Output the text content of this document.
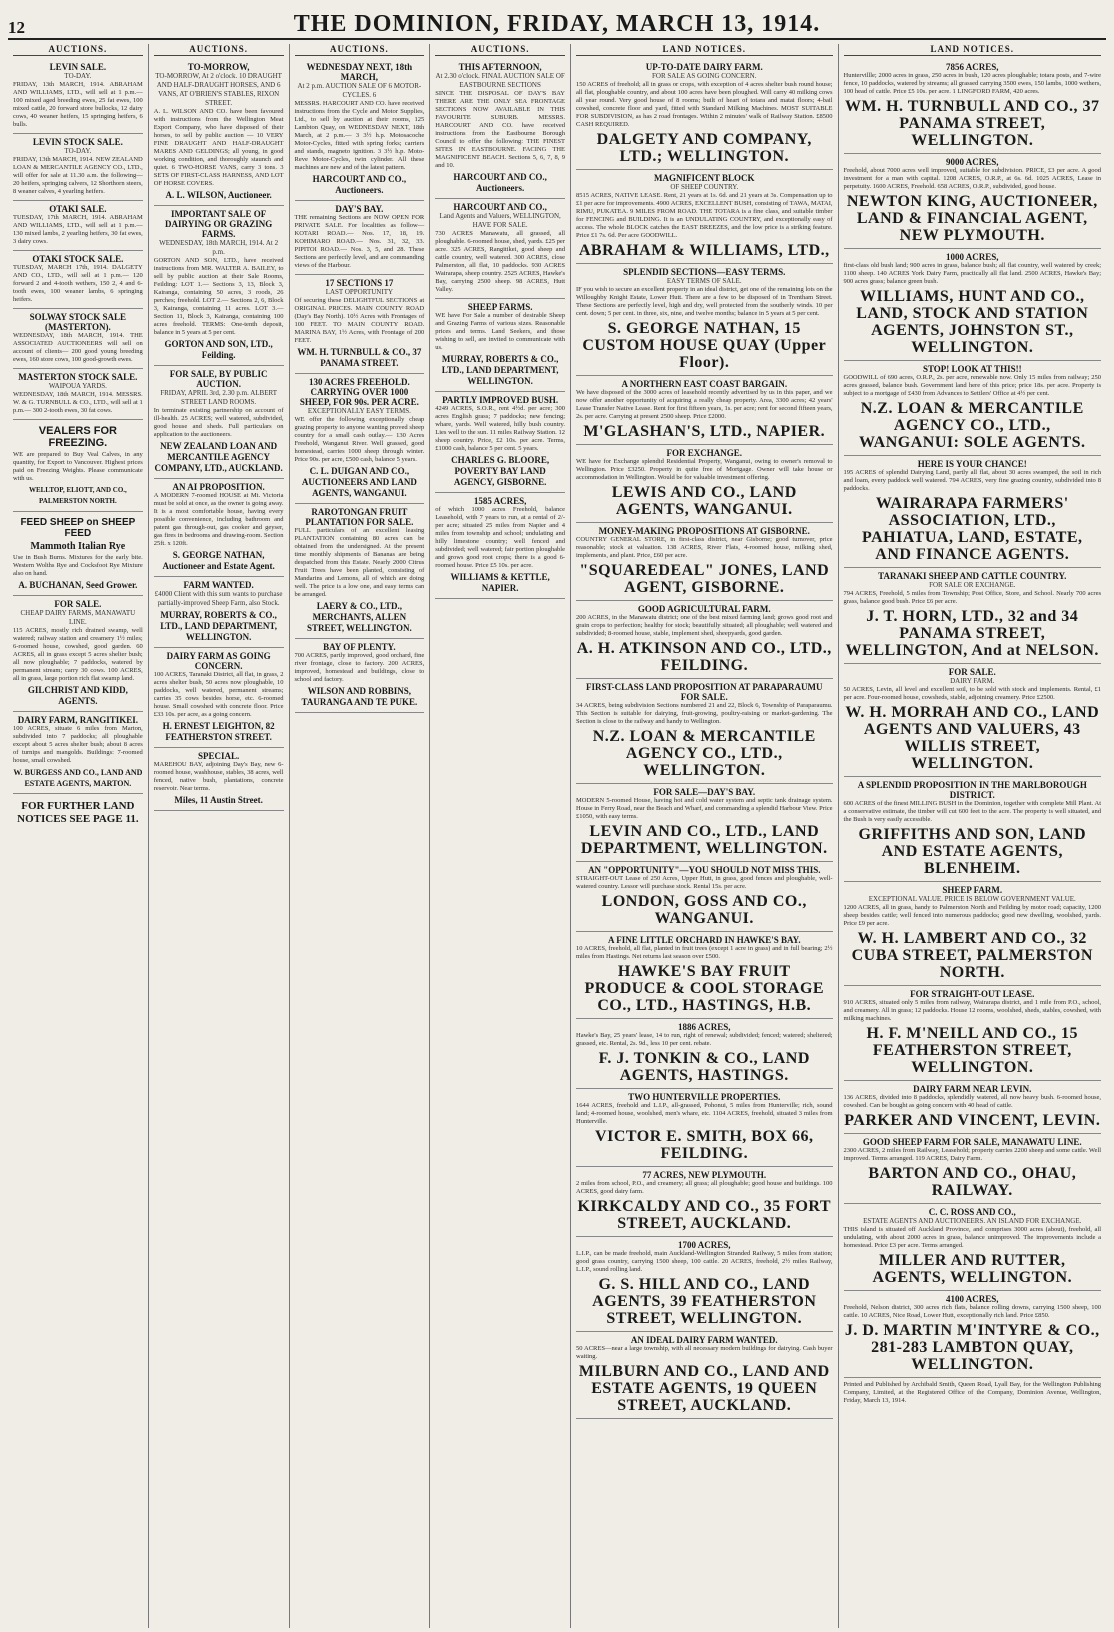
12	THE DOMINION, FRIDAY, MARCH 13, 1914.
AUCTIONS.
LEVIN SALE.
TO-DAY.
FRIDAY, 13th MARCH, 1914. ABRAHAM AND WILLIAMS, LTD., will sell at 1 p.m.— 100 mixed aged breeding ewes, 25 fat ewes, 100 mixed cattle, 20 forward store bullocks, 12 dairy cows, 40 weaner heifers, 15 springing heifers, 6 bulls.
LEVIN STOCK SALE.
TO-DAY.
FRIDAY, 13th MARCH, 1914. NEW ZEALAND LOAN & MERCANTILE AGENCY CO., LTD., will offer for sale at 11.30 a.m. the following— 20 heifers, springing calvers, 12 Shorthorn steers, 8 weaner calves, 4 yearling heifers.
OTAKI SALE.
TUESDAY, 17th MARCH, 1914. ABRAHAM AND WILLIAMS, LTD., will sell at 1 p.m.— 130 mixed lambs, 2 yearling heifers, 30 fat ewes, 3 dairy cows.
OTAKI STOCK SALE.
TUESDAY, MARCH 17th, 1914. DALGETY AND CO., LTD., will sell at 1 p.m.— 120 forward 2 and 4-tooth wethers, 150 2, 4 and 6-tooth ewes, 100 weaner lambs, 6 springing heifers.
SOLWAY STOCK SALE (MASTERTON).
WEDNESDAY, 18th MARCH, 1914. THE ASSOCIATED AUCTIONEERS will sell on account of clients— 200 good young breeding ewes, 160 store cows, 100 good-growth ewes.
MASTERTON STOCK SALE.
WAIPOUA YARDS.
WEDNESDAY, 18th MARCH, 1914. MESSRS. W. & G. TURNBULL & CO., LTD., will sell at 1 p.m.— 300 2-tooth ewes, 30 fat cows.
VEALERS FOR FREEZING.
WE are prepared to Buy Veal Calves, in any quantity, for Export to Vancouver. Highest prices paid on Freezing Weights. Please communicate with us.
WELLTOP, ELIOTT, AND CO., PALMERSTON NORTH.
FEED SHEEP on SHEEP FEED
Mammoth Italian Rye
Use in Bush Burns. Mixtures for the early bite. Western Wolths Rye and Cocksfoot Rye Mixture also on hand.
A. BUCHANAN, Seed Grower.
FOR SALE.
CHEAP DAIRY FARMS, MANAWATU LINE.
115 ACRES, mostly rich drained swamp, well watered; railway station and creamery 1½ miles; 6-roomed house, cowshed, good garden. 60 ACRES, all in grass except 5 acres shelter bush; all now ploughable; 7 paddocks, watered by permanent stream; carry 30 cows. 100 ACRES, all in grass, large portion rich flat swamp land.
GILCHRIST AND KIDD, AGENTS.
DAIRY FARM, RANGITIKEI.
100 ACRES, situate 6 miles from Marton, subdivided into 7 paddocks; all ploughable except about 5 acres shelter bush; about 8 acres of turnips and mangolds. Buildings: 7-roomed house, small cowshed.
W. BURGESS AND CO., LAND AND ESTATE AGENTS, MARTON.
FOR FURTHER LAND NOTICES SEE PAGE 11.
AUCTIONS.
TO-MORROW,
TO-MORROW, At 2 o'clock. 10 DRAUGHT AND HALF-DRAUGHT HORSES, AND 6 VANS, AT O'BRIEN'S STABLES, RIXON STREET.
A. L. WILSON AND CO. have been favoured with instructions from the Wellington Meat Export Company, who have disposed of their horses, to sell by public auction — 10 VERY FINE DRAUGHT AND HALF-DRAUGHT MARES AND GELDINGS; all young, in good working condition, and thoroughly staunch and quiet. 6 TWO-HORSE VANS, carry 3 tons. 3 SETS OF FIRST-CLASS HARNESS, AND LOT OF HORSE COVERS.
A. L. WILSON, Auctioneer.
IMPORTANT SALE OF DAIRYING OR GRAZING FARMS.
WEDNESDAY, 18th MARCH, 1914. At 2 p.m.
GORTON AND SON, LTD., have received instructions from MR. WALTER A. BAILEY, to sell by public auction at their Sale Rooms, Feilding: LOT 1.— Sections 3, 13, Block 3, Kairanga, containing 50 acres, 3 roods, 26 perches; freehold. LOT 2.— Sections 2, 6, Block 3, Kairanga, containing 11 acres. LOT 3.— Section 11, Block 3, Kairanga, containing 100 acres freehold. TERMS: One-tenth deposit, balance in 5 years at 5 per cent.
GORTON AND SON, LTD., Feilding.
FOR SALE, BY PUBLIC AUCTION.
FRIDAY, APRIL 3rd, 2.30 p.m. ALBERT STREET LAND ROOMS.
In terminate existing partnership on account of ill-health. 25 ACRES; well watered, subdivided, good house and sheds. Full particulars on application to the auctioneers.
NEW ZEALAND LOAN AND MERCANTILE AGENCY COMPANY, LTD., AUCKLAND.
AN AI PROPOSITION.
A MODERN 7-roomed HOUSE at Mt. Victoria must be sold at once, as the owner is going away. It is a most comfortable house, having every possible convenience, including bathroom and patent gas through-out, gas cooker and geyser, gas fires in bedrooms and drawing-room. Section 25ft. x 120ft.
S. GEORGE NATHAN, Auctioneer and Estate Agent.
FARM WANTED.
£4000 Client with this sum wants to purchase partially-improved Sheep Farm, also Stock.
MURRAY, ROBERTS & CO., LTD., LAND DEPARTMENT, WELLINGTON.
DAIRY FARM AS GOING CONCERN.
100 ACRES, Taranaki District, all flat, in grass, 2 acres shelter bush, 50 acres now ploughable, 10 paddocks, well watered, permanent streams; carries 35 cows besides horse, etc. 6-roomed house. Small cowshed with concrete floor. Price £33 10s. per acre, as a going concern.
H. ERNEST LEIGHTON, 82 FEATHERSTON STREET.
SPECIAL.
MAREHOU BAY, adjoining Day's Bay, new 6-roomed house, washhouse, stables, 38 acres, well fenced, native bush, plantations, concrete reservoir. Near terms.
Miles, 11 Austin Street.
AUCTIONS.
WEDNESDAY NEXT, 18th MARCH,
At 2 p.m. AUCTION SALE OF 6 MOTOR-CYCLES. 6
MESSRS. HARCOURT AND CO. have received instructions from the Cycle and Motor Supplies, Ltd., to sell by auction at their rooms, 125 Lambton Quay, on WEDNESDAY NEXT, 18th March, at 2 p.m.— 3 3½ h.p. Motosacoche Motor-Cycles, fitted with spring forks; carriers and stands, magneto ignition. 3 3½ h.p. Moto-Reve Motor-Cycles, twin cylinder. All these machines are new and of the latest pattern.
HARCOURT AND CO., Auctioneers.
DAY'S BAY.
THE remaining Sections are NOW OPEN FOR PRIVATE SALE. For localities as follow— KOTARI ROAD.— Nos. 17, 18, 19. KOHIMARO ROAD.— Nos. 31, 32, 33. PIPITOI ROAD.— Nos. 3, 5, and 28. These Sections are perfectly level, and are commanding views of the Harbour.
17 SECTIONS 17
LAST OPPORTUNITY
Of securing these DELIGHTFUL SECTIONS at ORIGINAL PRICES. MAIN COUNTY ROAD (Day's Bay North). 10½ Acres with Frontages of 100 FEET. TO MAIN COUNTY ROAD. MARINA BAY, 1½ Acres, with Frontage of 200 FEET.
WM. H. TURNBULL & CO., 37 PANAMA STREET.
130 ACRES FREEHOLD. CARRYING OVER 1000 SHEEP, FOR 90s. PER ACRE.
EXCEPTIONALLY EASY TERMS.
WE offer the following exceptionally cheap grazing property to anyone wanting proved sheep country for a small cash outlay.— 130 Acres Freehold, Wanganui River. Well grassed, good homestead, carries 1000 sheep through winter. Price 90s. per acre, £500 cash, balance 5 years.
C. L. DUIGAN AND CO., AUCTIONEERS AND LAND AGENTS, WANGANUI.
RAROTONGAN FRUIT PLANTATION FOR SALE.
FULL particulars of an excellent leasing PLANTATION containing 80 acres can be obtained from the undersigned. At the present time monthly shipments of Bananas are being despatched from this Estate. Nearly 2000 Citrus Fruit Trees have been planted, consisting of Mandarins and Lemons, all of which are doing well. The price is a low one, and easy terms can be arranged.
LAERY & CO., LTD., MERCHANTS, ALLEN STREET, WELLINGTON.
BAY OF PLENTY.
700 ACRES, partly improved, good orchard, fine river frontage, close to factory. 200 ACRES, improved, homestead and buildings, close to school and factory.
WILSON AND ROBBINS, TAURANGA AND TE PUKE.
AUCTIONS.
THIS AFTERNOON,
At 2.30 o'clock. FINAL AUCTION SALE OF EASTBOURNE SECTIONS
SINCE THE DISPOSAL OF DAY'S BAY THERE ARE THE ONLY SEA FRONTAGE SECTIONS NOW AVAILABLE IN THIS FAVOURITE SUBURB. MESSRS. HARCOURT AND CO. have received instructions from the Eastbourne Borough Council to offer the following: THE FINEST SITES IN EASTBOURNE. FACING THE MAGNIFICENT BEACH. Sections 5, 6, 7, 8, 9 and 10.
HARCOURT AND CO., Auctioneers.
HARCOURT AND CO.,
Land Agents and Valuers, WELLINGTON, HAVE FOR SALE.
730 ACRES Manawatu, all grassed, all ploughable. 6-roomed house, shed, yards. £25 per acre. 325 ACRES, Rangitikei, good sheep and cattle country, well watered. 300 ACRES, close Palmerston, all flat, 10 paddocks. 930 ACRES Wairarapa, sheep country. 2525 ACRES, Hawke's Bay, carrying 2500 sheep. 98 ACRES, Hutt Valley.
SHEEP FARMS.
WE have For Sale a number of desirable Sheep and Grazing Farms of various sizes. Reasonable prices and terms. Land Seekers, and those wishing to sell, are invited to communicate with us.
MURRAY, ROBERTS & CO., LTD., LAND DEPARTMENT, WELLINGTON.
PARTLY IMPROVED BUSH.
4249 ACRES, S.O.R., rent 4½d. per acre; 300 acres English grass; 7 paddocks; new fencing; whare, yards. Well watered, hilly bush country. Lies well to the sun. 11 miles Railway Station. 12 sheep country. Price, £2 10s. per acre. Terms, £1000 cash, balance 5 per cent. 5 years.
CHARLES G. BLOORE, POVERTY BAY LAND AGENCY, GISBORNE.
1585 ACRES,
of which 1000 acres Freehold, balance Leasehold, with 7 years to run, at a rental of 2/- per acre; situated 25 miles from Napier and 4 miles from township and school; undulating and hilly limestone country; well fenced and subdivided; well watered; fair portion ploughable and grows good root crops; there is a good 6-roomed house. Price £5 10s. per acre.
WILLIAMS & KETTLE, NAPIER.
LAND NOTICES.
UP-TO-DATE DAIRY FARM.
FOR SALE AS GOING CONCERN.
150 ACRES of freehold; all in grass or crops, with exception of 4 acres shelter bush round house; all flat, ploughable country, and about 100 acres have been ploughed. Will carry 40 milking cows all year round. Very good house of 8 rooms; built of heart of totara and matai floors; 4-bail cowshed, concrete floor and yard, fitted with Standard Milking Machines. MOST SUITABLE FOR SUBDIVISION, as has 2 road frontages. Within 2 minutes' walk of Railway Station. £8500 CASH REQUIRED.
DALGETY AND COMPANY, LTD.; WELLINGTON.
MAGNIFICENT BLOCK
OF SHEEP COUNTRY.
8515 ACRES, NATIVE LEASE. Rent, 21 years at 1s. 6d. and 21 years at 3s. Compensation up to £1 per acre for improvements. 4900 ACRES, EXCELLENT BUSH, consisting of TAWA, MATAI, RIMU, PUKATEA. 9 MILES FROM ROAD. THE TOTARA is a fine class, and suitable timber for FENCING and BUILDING. It is an UNDULATING COUNTRY, and exceptionally easy of access. The whole BLOCK catches the EAST BREEZES, and the low price is a striking feature. Price £1 7s. 6d. Per acre GOODWILL.
ABRAHAM & WILLIAMS, LTD.,
SPLENDID SECTIONS—EASY TERMS.
EASY TERMS OF SALE.
IF you wish to secure an excellent property in an ideal district, get one of the remaining lots on the Willoughby Knight Estate, Lower Hutt. There are a few to be disposed of in Trentham Street. These Sections are perfectly level, high and dry, well protected from the southerly winds. 10 per cent. down; 5 per cent. in three, six, nine, and twelve months; balance in 5 years at 5 per cent.
S. GEORGE NATHAN, 15 CUSTOM HOUSE QUAY (Upper Floor).
A NORTHERN EAST COAST BARGAIN.
We have disposed of the 3000 acres of leasehold recently advertised by us in this paper, and we now offer another opportunity of acquiring a really cheap property. Area, 3300 acres; 42 years' Lease Transfer Native Lease. Rent for first fifteen years, 1s. per acre; rent for second fifteen years, 2s. per acre. Carrying at present 2500 sheep. Price £2000.
M'GLASHAN'S, LTD., NAPIER.
FOR EXCHANGE.
WE have for Exchange splendid Residential Property, Wanganui, owing to owner's removal to Wellington. Price £3250. Property in quite free of Mortgage. Owner will take house or accommodation in Wellington. Would be for valuable investment offering.
LEWIS AND CO., LAND AGENTS, WANGANUI.
MONEY-MAKING PROPOSITIONS AT GISBORNE.
COUNTRY GENERAL STORE, in first-class district, near Gisborne; good turnover, price reasonable; stock at valuation. 138 ACRES, River Flats, 4-roomed house, milking shed, implements, and plant. Price, £60 per acre.
"SQUAREDEAL" JONES, LAND AGENT, GISBORNE.
GOOD AGRICULTURAL FARM.
200 ACRES, in the Manawatu district; one of the best mixed farming land; grows good root and grain crops to perfection; healthy for stock; beautifully situated; all ploughable; well watered and subdivided; 8-roomed house, stable, implement shed, sheepyards, good garden.
A. H. ATKINSON AND CO., LTD., FEILDING.
FIRST-CLASS LAND PROPOSITION AT PARAPARAUMU FOR SALE.
34 ACRES, being subdivision Sections numbered 21 and 22, Block 6, Township of Paraparaumu. This Section is suitable for dairying, fruit-growing, poultry-raising or market-gardening. The Section is close to the railway and handy to Wellington.
N.Z. LOAN & MERCANTILE AGENCY CO., LTD., WELLINGTON.
FOR SALE—DAY'S BAY.
MODERN 5-roomed House, having hot and cold water system and septic tank drainage system. House in Ferry Road, near the Beach and Wharf, and commanding a splendid Harbour View. Price £1050, with easy terms.
LEVIN AND CO., LTD., LAND DEPARTMENT, WELLINGTON.
AN "OPPORTUNITY"—YOU SHOULD NOT MISS THIS.
STRAIGHT-OUT Lease of 250 Acres, Upper Hutt, in grass, good fences and ploughable, well-watered country. Lessor will purchase stock. Rental 15s. per acre.
LONDON, GOSS AND CO., WANGANUI.
A FINE LITTLE ORCHARD IN HAWKE'S BAY.
10 ACRES, freehold, all flat, planted in fruit trees (except 1 acre in grass) and in full bearing; 2½ miles from Hastings. Net returns last season over £500.
HAWKE'S BAY FRUIT PRODUCE & COOL STORAGE CO., LTD., HASTINGS, H.B.
1886 ACRES,
Hawke's Bay, 25 years' lease, 14 to run, right of renewal; subdivided; fenced; watered; sheltered; grassed, etc. Rental, 2s. 9d., less 10 per cent. rebate.
F. J. TONKIN & CO., LAND AGENTS, HASTINGS.
TWO HUNTERVILLE PROPERTIES.
1644 ACRES, freehold and L.I.P., all-grassed, Pohonui, 5 miles from Hunterville; rich, sound land; 4-roomed house, woolshed, men's whare, etc. 1104 ACRES, freehold, situated 3 miles from Hunterville.
VICTOR E. SMITH, BOX 66, FEILDING.
77 ACRES, NEW PLYMOUTH.
2 miles from school, P.O., and creamery; all grass; all ploughable; good house and buildings. 100 ACRES, good dairy farm.
KIRKCALDY AND CO., 35 FORT STREET, AUCKLAND.
1700 ACRES,
L.I.P., can be made freehold, main Auckland-Wellington Stranded Railway, 5 miles from station; good grass country, carrying 1500 sheep, 100 cattle. 20 ACRES, freehold, 2½ miles Railway, L.I.P., sound rolling land.
G. S. HILL AND CO., LAND AGENTS, 39 FEATHERSTON STREET, WELLINGTON.
AN IDEAL DAIRY FARM WANTED.
50 ACRES—near a large township, with all necessary modern buildings for dairying. Cash buyer waiting.
MILBURN AND CO., LAND AND ESTATE AGENTS, 19 QUEEN STREET, AUCKLAND.
LAND NOTICES.
7856 ACRES,
Huntervillle; 2000 acres in grass, 250 acres in bush, 120 acres ploughable; totara posts, and 7-wire fence, 10 paddocks, watered by streams; all grassed carrying 3500 ewes, 150 lambs, 1000 wethers, 100 head of cattle. Price £5 10s. per acre. 1 LINGFORD FARM, 420 acres.
WM. H. TURNBULL AND CO., 37 PANAMA STREET, WELLINGTON.
9000 ACRES,
Freehold, about 7000 acres well improved, suitable for subdivision. PRICE, £3 per acre. A good investment for a man with capital. 1208 ACRES, O.R.P., at 6s. 6d. 1025 ACRES, Lease in perpetuity. 1600 ACRES, Freehold. 658 ACRES, O.R.P., subdivided, good house.
NEWTON KING, AUCTIONEER, LAND & FINANCIAL AGENT, NEW PLYMOUTH.
1000 ACRES,
first-class old bush land; 900 acres in grass, balance bush; all flat country, well watered by creek; 1100 sheep. 140 ACRES York Dairy Farm, practically all flat land. 2500 ACRES, Hawke's Bay; 900 acres grass; balance green bush.
WILLIAMS, HUNT AND CO., LAND, STOCK AND STATION AGENTS, JOHNSTON ST., WELLINGTON.
STOP! LOOK AT THIS!!
GOODWILL of 690 acres, O.R.P., 2s. per acre, renewable now. Only 15 miles from railway; 250 acres grassed, balance bush. Government land here of this price; price 18s. per acre. Property is subject to a mortgage of £430 from Advances to Settlers' Office at 4½ per cent.
N.Z. LOAN & MERCANTILE AGENCY CO., LTD., WANGANUI: SOLE AGENTS.
HERE IS YOUR CHANCE!
195 ACRES of splendid Dairying Land, partly all flat, about 30 acres swamped, the soil in rich and loam, every paddock well watered. 794 ACRES, very fine grazing country, subdivided into 8 paddocks.
WAIRARAPA FARMERS' ASSOCIATION, LTD., PAHIATUA, LAND, ESTATE, AND FINANCE AGENTS.
TARANAKI SHEEP AND CATTLE COUNTRY.
FOR SALE OR EXCHANGE.
794 ACRES, Freehold, 5 miles from Township; Post Office, Store, and School. Nearly 700 acres grass, balance good bush. Price £6 per acre.
J. T. HORN, LTD., 32 and 34 PANAMA STREET, WELLINGTON, And at NELSON.
FOR SALE.
DAIRY FARM.
50 ACRES, Levin, all level and excellent soil, to be sold with stock and implements. Rental, £1 per acre. Four-roomed house, cowsheds, stable, adjoining creamery. Price £2500.
W. H. MORRAH AND CO., LAND AGENTS AND VALUERS, 43 WILLIS STREET, WELLINGTON.
A SPLENDID PROPOSITION IN THE MARLBOROUGH DISTRICT.
600 ACRES of the finest MILLING BUSH in the Dominion, together with complete Mill Plant. At a conservative estimate, the timber will cut 600 feet to the acre. The property is well situated, and the Bush is very easily accessible.
GRIFFITHS AND SON, LAND AND ESTATE AGENTS, BLENHEIM.
SHEEP FARM.
EXCEPTIONAL VALUE. PRICE IS BELOW GOVERNMENT VALUE.
1200 ACRES, all in grass, handy to Palmerston North and Feilding by motor road; capacity, 1200 sheep besides cattle; well fenced into numerous paddocks; good new dwelling, woolshed, yards. Price £9 per acre.
W. H. LAMBERT AND CO., 32 CUBA STREET, PALMERSTON NORTH.
FOR STRAIGHT-OUT LEASE.
910 ACRES, situated only 5 miles from railway, Wairarapa district, and 1 mile from P.O., school, and creamery. All in grass; 12 paddocks. House 12 rooms, woolshed, sheds, stables, cowshed, with milking machines.
H. F. M'NEILL AND CO., 15 FEATHERSTON STREET, WELLINGTON.
DAIRY FARM NEAR LEVIN.
136 ACRES, divided into 8 paddocks, splendidly watered, all now heavy bush. 6-roomed house, cowshed. Can be bought as going concern with 40 head of cattle.
PARKER AND VINCENT, LEVIN.
GOOD SHEEP FARM FOR SALE, MANAWATU LINE.
2300 ACRES, 2 miles from Railway, Leasehold; property carries 2200 sheep and some cattle. Well improved. Terms arranged. 119 ACRES, Dairy Farm.
BARTON AND CO., OHAU, RAILWAY.
C. C. ROSS AND CO.,
ESTATE AGENTS AND AUCTIONEERS. AN ISLAND FOR EXCHANGE.
THIS island is situated off Auckland Province, and comprises 3000 acres (about), freehold, all undulating, with about 2000 acres in grass, balance unimproved. The improvements include a homestead. Price £3 per acre. Terms arranged.
MILLER AND RUTTER, AGENTS, WELLINGTON.
4100 ACRES,
Freehold, Nelson district, 300 acres rich flats, balance rolling downs, carrying 1500 sheep, 100 cattle. 10 ACRES, Nice Road, Lower Hutt, exceptionally rich land. Price £850.
J. D. MARTIN M'INTYRE & CO., 281-283 LAMBTON QUAY, WELLINGTON.
Printed and Published by Archibald Smith, Queen Road, Lyall Bay, for the Wellington Publishing Company, Limited, at the Registered Office of the Company, Dominion Avenue, Wellington, Friday, March 13, 1914.
